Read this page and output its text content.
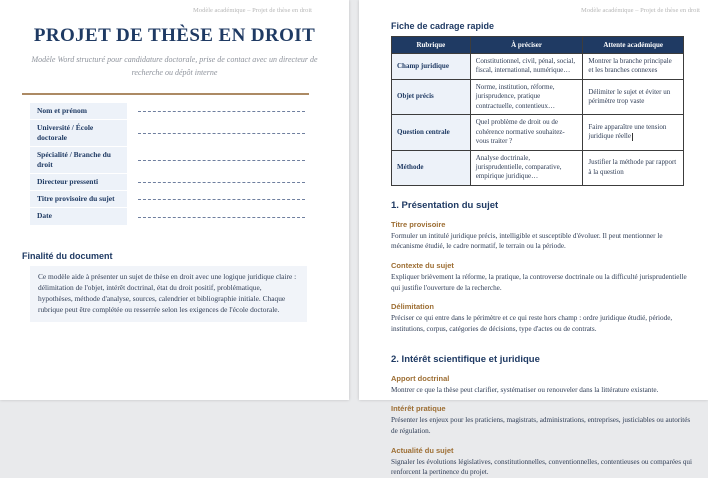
Modèle académique – Projet de thèse en droit
PROJET DE THÈSE EN DROIT
Modèle Word structuré pour candidature doctorale, prise de contact avec un directeur de recherche ou dépôt interne
Nom et prénom
Université / École doctorale
Spécialité / Branche du droit
Directeur pressenti
Titre provisoire du sujet
Date
Finalité du document
Ce modèle aide à présenter un sujet de thèse en droit avec une logique juridique claire : délimitation de l'objet, intérêt doctrinal, état du droit positif, problématique, hypothèses, méthode d'analyse, sources, calendrier et bibliographie initiale. Chaque rubrique peut être complétée ou resserrée selon les exigences de l'école doctorale.
Modèle académique – Projet de thèse en droit
Fiche de cadrage rapide
Rubrique	À préciser	Attente académique
Champ juridique	Constitutionnel, civil, pénal, social, fiscal, international, numérique…	Montrer la branche principale et les branches connexes
Objet précis	Norme, institution, réforme, jurisprudence, pratique contractuelle, contentieux…	Délimiter le sujet et éviter un périmètre trop vaste
Question centrale	Quel problème de droit ou de cohérence normative souhaitez-vous traiter ?	Faire apparaître une tension juridique réelle
Méthode	Analyse doctrinale, jurisprudentielle, comparative, empirique juridique…	Justifier la méthode par rapport à la question
1. Présentation du sujet
Titre provisoire
Formuler un intitulé juridique précis, intelligible et susceptible d'évoluer. Il peut mentionner le mécanisme étudié, le cadre normatif, le terrain ou la période.
Contexte du sujet
Expliquer brièvement la réforme, la pratique, la controverse doctrinale ou la difficulté jurisprudentielle qui justifie l'ouverture de la recherche.
Délimitation
Préciser ce qui entre dans le périmètre et ce qui reste hors champ : ordre juridique étudié, période, institutions, corpus, catégories de décisions, type d'actes ou de contrats.
2. Intérêt scientifique et juridique
Apport doctrinal
Montrer ce que la thèse peut clarifier, systématiser ou renouveler dans la littérature existante.
Intérêt pratique
Présenter les enjeux pour les praticiens, magistrats, administrations, entreprises, justiciables ou autorités de régulation.
Actualité du sujet
Signaler les évolutions législatives, constitutionnelles, conventionnelles, contentieuses ou comparées qui renforcent la pertinence du projet.
